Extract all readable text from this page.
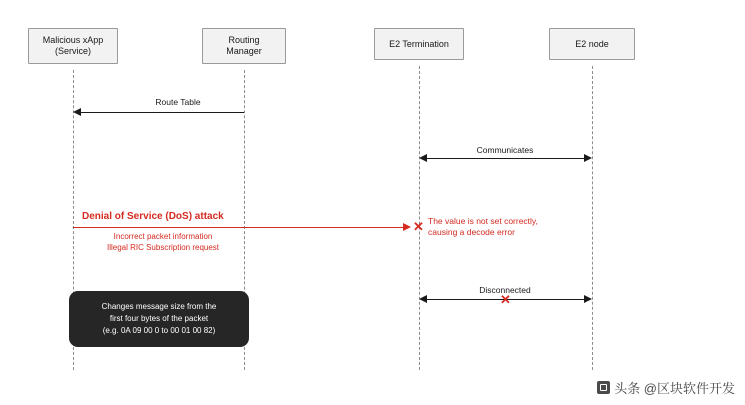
Malicious xApp
(Service)
Routing
Manager
E2 Termination	E2 node
Route Table
Communicates
Denial of Service (DoS) attack
✕
Incorrect packet information
Illegal RIC Subscription request
The value is not set correctly,
causing a decode error
Disconnected
✕
Changes message size from the
first four bytes of the packet
(e.g. 0A 09 00 0 to 00 01 00 82)
头条 @区块软件开发
